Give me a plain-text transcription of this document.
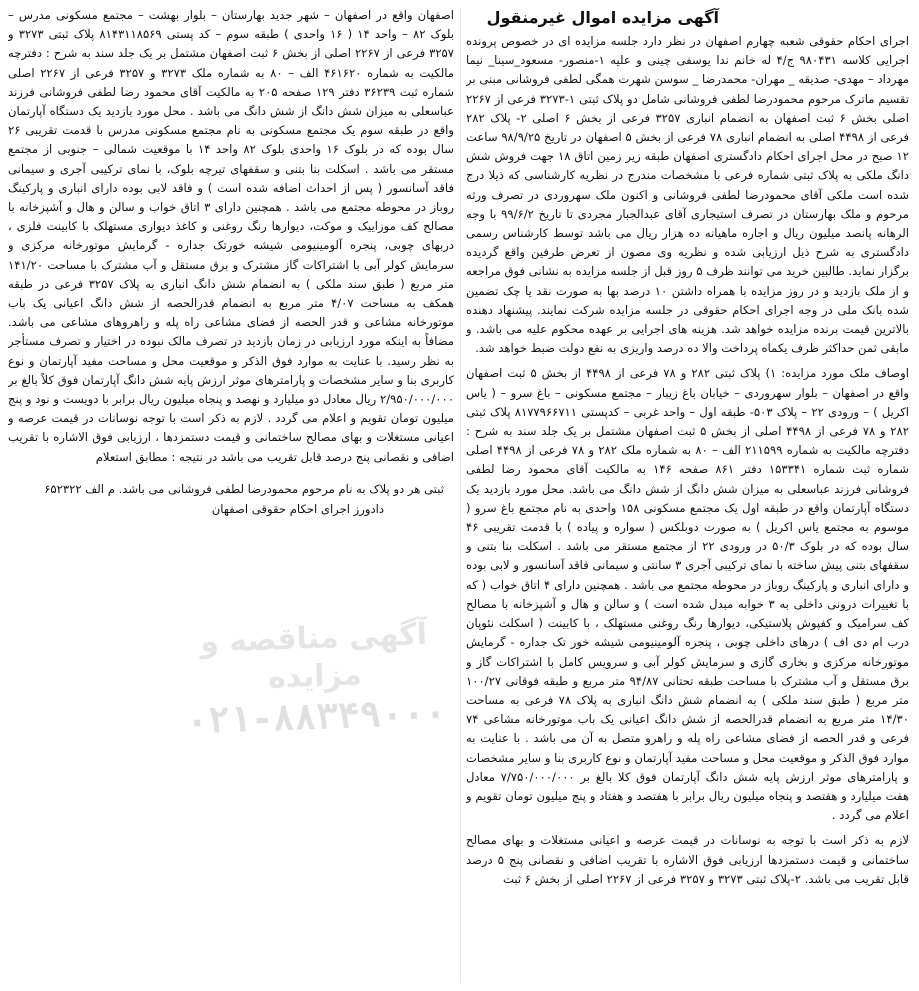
آگهی مزایده اموال غیرمنقول

اجرای احکام حقوقی شعبه چهارم اصفهان در نظر دارد جلسه مزایده ای در خصوص پرونده اجرایی کلاسه ۹۸۰۴۳۱ ج/۴ له خانم ندا یوسفی چینی و علیه ۱-منصور- مسعود_سینا_ نیما مهرداد – مهدی- صدیقه _ مهران- محمدرضا _ سوسن شهرت همگی لطفی فروشانی مبنی بر تقسیم ماترک مرحوم محمودرضا لطفی فروشانی شامل دو پلاک ثبتی ۱-۳۲۷۳ فرعی از ۲۲۶۷ اصلی بخش ۶ ثبت اصفهان به انضمام انباری ۳۲۵۷ فرعی از بخش ۶ اصلی ۲- پلاک ۲۸۲ فرعی از ۴۴۹۸ اصلی به انضمام انباری ۷۸ فرعی از بخش ۵ اصفهان در تاریخ ۹۸/۹/۲۵ ساعت ۱۲ صبح در محل اجرای احکام دادگستری اصفهان طبقه زیر زمین اتاق ۱۸ جهت فروش شش دانگ ملکی به پلاک ثبتی شماره فرعی با مشخصات مندرج در نظریه کارشناسی که ذیلا درج شده است ملکی آقای محمودرضا لطفی فروشانی و اکنون ملک سهروردی در تصرف ورثه مرحوم و ملک بهارستان در تصرف استیجاری آقای عبدالجبار مجردی تا تاریخ ۹۹/۶/۲ با وجه الرهانه پانصد میلیون ریال و اجاره ماهیانه ده هزار ریال می باشد توسط کارشناس رسمی دادگستری به شرح ذیل ارزیابی شده و نظریه وی مصون از تعرض طرفین واقع گردیده برگزار نماید. طالبین خرید می توانند ظرف ۵ روز قبل از جلسه مزایده به نشانی فوق مراجعه و از ملک بازدید و در روز مزایده با همراه داشتن ۱۰ درصد بها به صورت نقد یا چک تضمین شده بانک ملی در وجه اجرای احکام حقوقی در جلسه مزایده شرکت نمایند. پیشنهاد دهنده بالاترین قیمت برنده مزایده خواهد شد. هزینه های اجرایی بر عهده محکوم علیه می باشد. و مابقی ثمن حداکثر ظرف یکماه پرداخت والا ده درصد واریزی به نفع دولت ضبط خواهد شد.

اوصاف ملک مورد مزایده: ۱) پلاک ثبتی ۲۸۲ و ۷۸ فرعی از ۴۴۹۸ از بخش ۵ ثبت اصفهان واقع در اصفهان – بلوار سهروردی – خیابان باغ زیبار – مجتمع مسکونی – باغ سرو – ( یاس اکریل ) – ورودی ۲۲ – پلاک ۵۰۳- طبقه اول – واحد غربی – کدپستی ۸۱۷۷۹۶۶۷۱۱ پلاک ثبتی ۲۸۲ و ۷۸ فرعی از ۴۴۹۸ اصلی از بخش ۵ ثبت اصفهان مشتمل بر یک جلد سند به شرح : دفترچه مالکیت به شماره ۲۱۱۵۹۹ الف – ۸۰ به شماره ملک ۲۸۲ و ۷۸ فرعی از ۴۴۹۸ اصلی شماره ثبت شماره ۱۵۳۳۴۱ دفتر ۸۶۱ صفحه ۱۴۶ به مالکیت آقای محمود رضا لطفی فروشانی فرزند عباسعلی به میزان شش دانگ از شش دانگ می باشد. محل مورد بازدید یک دستگاه آپارتمان واقع در طبقه اول یک مجتمع مسکونی ۱۵۸ واحدی به نام مجتمع باغ سرو ( موسوم به مجتمع یاس اکریل ) به صورت دوبلکس ( سواره و پیاده ) با قدمت تقریبی ۴۶ سال بوده که در بلوک ۵۰/۳ در ورودی ۲۲ از مجتمع مستقر می باشد . اسکلت بنا بتنی و سقفهای بتنی پیش ساخته با نمای ترکیبی آجری ۳ سانتی و سیمانی فاقد آسانسور و لابی بوده و دارای انباری و پارکینگ روباز در محوطه مجتمع می باشد . همچنین دارای ۴ اتاق خواب ( که با تغییرات درونی داخلی به ۳ خوابه مبدل شده است ) و سالن و هال و آشپزخانه با مصالح کف سرامیک و کفپوش پلاستیکی، دیوارها رنگ روغنی مستهلک ، با کابینت ( اسکلت نئوپان درب ام دی اف ) درهای داخلی چوبی ، پنجره آلومینیومی شیشه خور تک جداره - گرمایش موتورخانه مرکزی و بخاری گازی و سرمایش کولر آبی و سرویس کامل با اشتراکات گاز و برق مستقل و آب مشترک با مساحت طبقه تحتانی ۹۴/۸۷ متر مربع و طبقه فوقانی ۱۰۰/۲۷ متر مربع ( طبق سند ملکی ) به انضمام شش دانگ انباری به پلاک ۷۸ فرعی به مساحت ۱۴/۳۰ متر مربع به انضمام قدرالحصه از شش دانگ اعیانی یک باب موتورخانه مشاعی ۷۴ فرعی و قدر الحصه از فضای مشاعی راه پله و راهرو متصل به آن می باشد . با عنایت به موارد فوق الذکر و موقعیت محل و مساحت مفید آپارتمان و نوع کاربری بنا و سایر مشخصات و پارامترهای موثر ارزش پایه شش دانگ آپارتمان فوق کلا بالغ بر ۷/۷۵۰/۰۰۰/۰۰۰ معادل هفت میلیارد و هفتصد و پنجاه میلیون ریال برابر با هفتصد و هفتاد و پنج میلیون تومان تقویم و اعلام می گردد .

لازم به ذکر است با توجه به نوسانات در قیمت عرصه و اعیانی مستغلات و بهای مصالح ساختمانی و قیمت دستمزدها ارزیابی فوق الاشاره با تقریب اضافی و نقصانی پنج ۵ درصد قابل تقریب می باشد. ۲-پلاک ثبتی ۳۲۷۳ و ۳۲۵۷ فرعی از ۲۲۶۷ اصلی از بخش ۶ ثبت

اصفهان واقع در اصفهان – شهر جدید بهارستان – بلوار بهشت – مجتمع مسکونی مدرس – بلوک ۸۲ – واحد ۱۴ ( ۱۶ واحدی ) طبقه سوم – کد پستی ۸۱۴۳۱۱۸۵۶۹ پلاک ثبتی ۳۲۷۳ و ۳۲۵۷ فرعی از ۲۲۶۷ اصلی از بخش ۶ ثبت اصفهان مشتمل بر یک جلد سند به شرح : دفترچه مالکیت به شماره ۴۶۱۶۲۰ الف – ۸۰ به شماره ملک ۳۲۷۳ و ۳۲۵۷ فرعی از ۲۲۶۷ اصلی شماره ثبت ۳۶۲۳۹ دفتر ۱۲۹ صفحه ۲۰۵ به مالکیت آقای محمود رضا لطفی فروشانی فرزند عباسعلی به میزان شش دانگ از شش دانگ می باشد . محل مورد بازدید یک دستگاه آپارتمان واقع در طبقه سوم یک مجتمع مسکونی به نام مجتمع مسکونی مدرس با قدمت تقریبی ۲۶ سال بوده که در بلوک ۱۶ واحدی بلوک ۸۲ واحد ۱۴ با موقعیت شمالی – جنوبی از مجتمع مستقر می باشد . اسکلت بنا بتنی و سقفهای تیرچه بلوک، با نمای ترکیبی آجری و سیمانی فاقد آسانسور ( پس از احداث اضافه شده است ) و فاقد لابی بوده دارای انباری و پارکینگ روباز در محوطه مجتمع می باشد . همچنین دارای ۳ اتاق خواب و سالن و هال و آشپزخانه با مصالح کف موزاییک و موکت، دیوارها رنگ روغنی و کاغذ دیواری مستهلک با کابینت فلزی ، دربهای چوبی، پنجره آلومینیومی شیشه خورتک جداره - گرمایش موتورخانه مرکزی و سرمایش کولر آبی با اشتراکات گاز مشترک و برق مستقل و آب مشترک با مساحت ۱۴۱/۲۰ متر مربع ( طبق سند ملکی ) به انضمام شش دانگ انباری به پلاک ۳۲۵۷ فرعی در طبقه همکف به مساحت ۴/۰۷ متر مربع به انضمام قدرالحصه از شش دانگ اعیانی یک باب موتورخانه مشاعی و قدر الحصه از فضای مشاعی راه پله و راهروهای مشاعی می باشد. مضافاً به اینکه مورد ارزیابی در زمان بازدید در تصرف مالک نبوده در اختیار و تصرف مستأجر به نظر رسید. با عنایت به موارد فوق الذکر و موقعیت محل و مساحت مفید آپارتمان و نوع کاربری بنا و سایر مشخصات و پارامترهای موثر ارزش پایه شش دانگ آپارتمان فوق کلاً بالغ بر ۲/۹۵۰/۰۰۰/۰۰۰ ریال معادل دو میلیارد و نهصد و پنجاه میلیون ریال برابر با دویست و نود و پنج میلیون تومان تقویم و اعلام می گردد . لازم به ذکر است با توجه نوسانات در قیمت عرصه و اعیانی مستغلات و بهای مصالح ساختمانی و قیمت دستمزدها ، ارزیابی فوق الاشاره با تقریب اضافی و نقصانی پنج درصد قابل تقریب می باشد در نتیجه : مطابق استعلام

ثبتی هر دو پلاک به نام مرحوم محمودرضا لطفی فروشانی می باشد. م الف ۶۵۲۳۲۲

دادورز اجرای احکام حقوقی اصفهان

آگهی مناقصه و مزایده
۰۲۱-۸۸۳۴۹۰۰۰
